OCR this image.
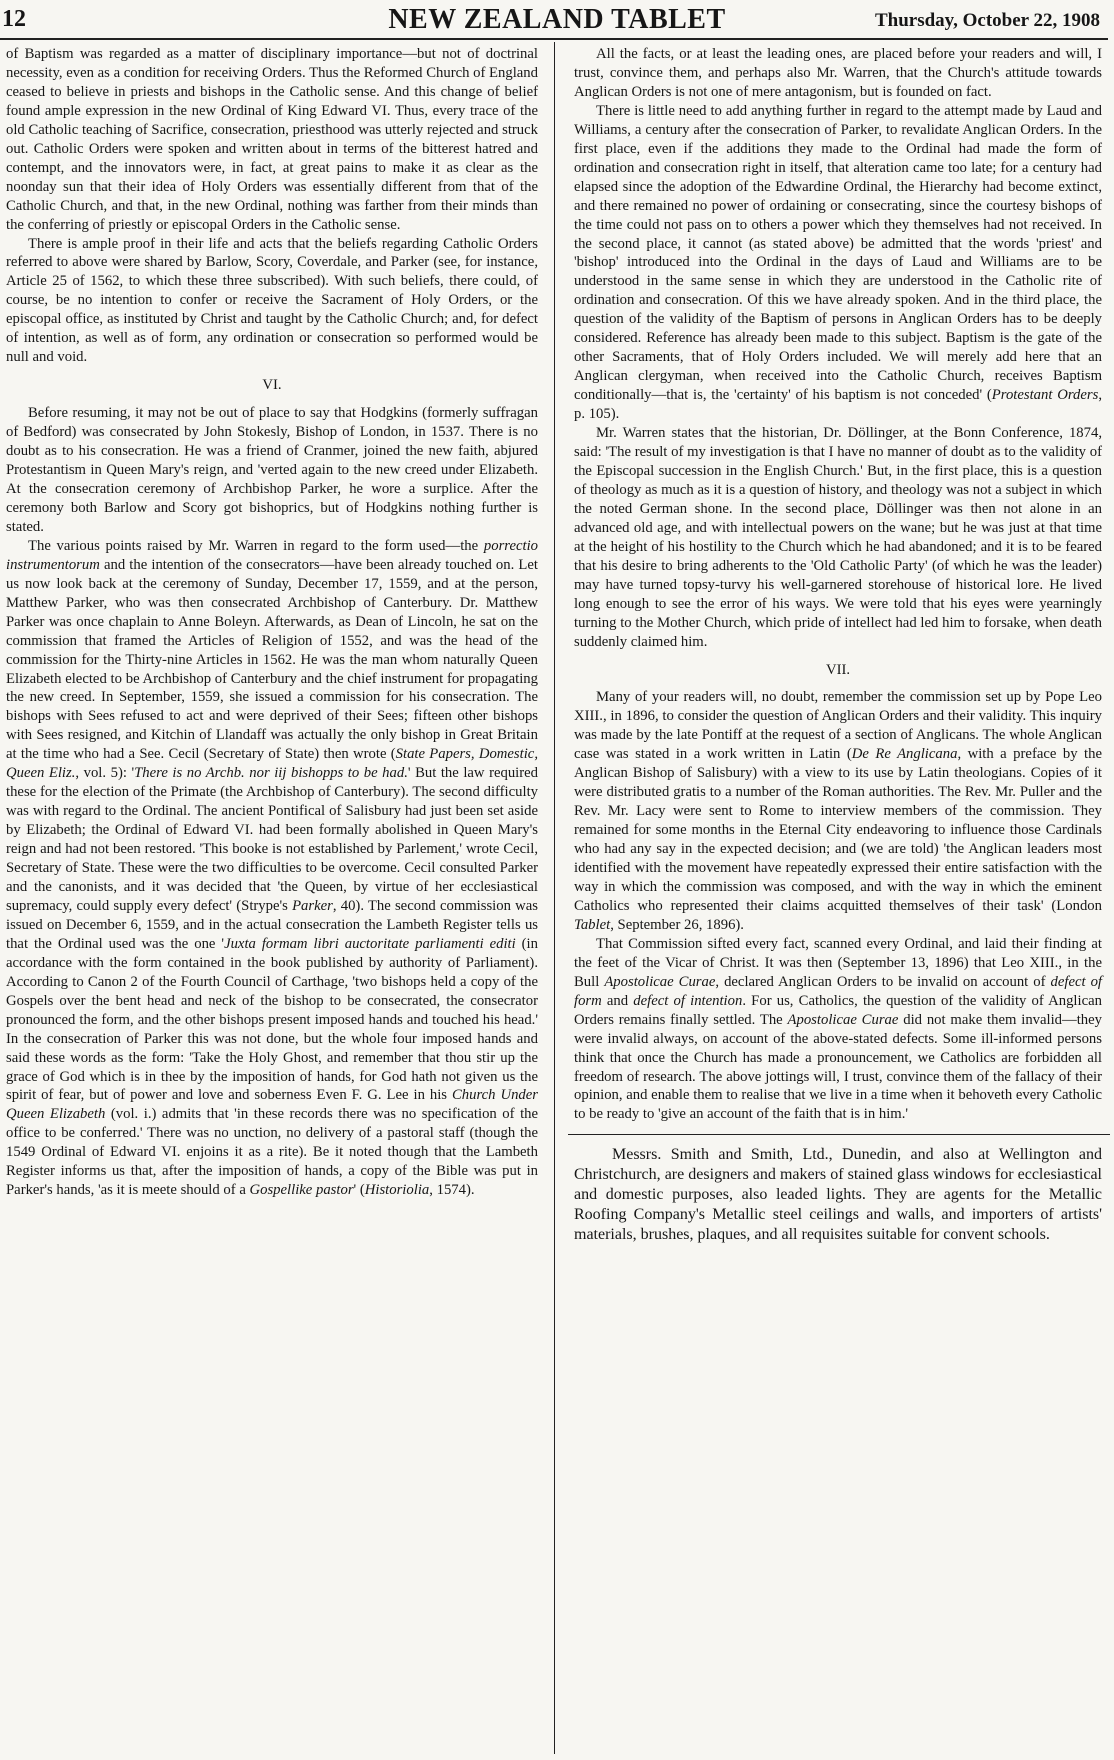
12	NEW ZEALAND TABLET	Thursday, October 22, 1908

of Baptism was regarded as a matter of disciplinary importance—but not of doctrinal necessity, even as a condition for receiving Orders. Thus the Reformed Church of England ceased to believe in priests and bishops in the Catholic sense. And this change of belief found ample expression in the new Ordinal of King Edward VI. Thus, every trace of the old Catholic teaching of Sacrifice, consecration, priesthood was utterly rejected and struck out. Catholic Orders were spoken and written about in terms of the bitterest hatred and contempt, and the innovators were, in fact, at great pains to make it as clear as the noonday sun that their idea of Holy Orders was essentially different from that of the Catholic Church, and that, in the new Ordinal, nothing was farther from their minds than the conferring of priestly or episcopal Orders in the Catholic sense.

There is ample proof in their life and acts that the beliefs regarding Catholic Orders referred to above were shared by Barlow, Scory, Coverdale, and Parker (see, for instance, Article 25 of 1562, to which these three subscribed). With such beliefs, there could, of course, be no intention to confer or receive the Sacrament of Holy Orders, or the episcopal office, as instituted by Christ and taught by the Catholic Church; and, for defect of intention, as well as of form, any ordination or consecration so performed would be null and void.

VI.

Before resuming, it may not be out of place to say that Hodgkins (formerly suffragan of Bedford) was consecrated by John Stokesly, Bishop of London, in 1537. There is no doubt as to his consecration. He was a friend of Cranmer, joined the new faith, abjured Protestantism in Queen Mary's reign, and 'verted again to the new creed under Elizabeth. At the consecration ceremony of Archbishop Parker, he wore a surplice. After the ceremony both Barlow and Scory got bishoprics, but of Hodgkins nothing further is stated.

The various points raised by Mr. Warren in regard to the form used—the porrectio instrumentorum and the intention of the consecrators—have been already touched on. Let us now look back at the ceremony of Sunday, December 17, 1559, and at the person, Matthew Parker, who was then consecrated Archbishop of Canterbury. Dr. Matthew Parker was once chaplain to Anne Boleyn. Afterwards, as Dean of Lincoln, he sat on the commission that framed the Articles of Religion of 1552, and was the head of the commission for the Thirty-nine Articles in 1562. He was the man whom naturally Queen Elizabeth elected to be Archbishop of Canterbury and the chief instrument for propagating the new creed. In September, 1559, she issued a commission for his consecration. The bishops with Sees refused to act and were deprived of their Sees; fifteen other bishops with Sees resigned, and Kitchin of Llandaff was actually the only bishop in Great Britain at the time who had a See. Cecil (Secretary of State) then wrote (State Papers, Domestic, Queen Eliz., vol. 5): 'There is no Archb. nor iij bishopps to be had.' But the law required these for the election of the Primate (the Archbishop of Canterbury). The second difficulty was with regard to the Ordinal. The ancient Pontifical of Salisbury had just been set aside by Elizabeth; the Ordinal of Edward VI. had been formally abolished in Queen Mary's reign and had not been restored. 'This booke is not established by Parlement,' wrote Cecil, Secretary of State. These were the two difficulties to be overcome. Cecil consulted Parker and the canonists, and it was decided that 'the Queen, by virtue of her ecclesiastical supremacy, could supply every defect' (Strype's Parker, 40). The second commission was issued on December 6, 1559, and in the actual consecration the Lambeth Register tells us that the Ordinal used was the one 'Juxta formam libri auctoritate parliamenti editi (in accordance with the form contained in the book published by authority of Parliament). According to Canon 2 of the Fourth Council of Carthage, 'two bishops held a copy of the Gospels over the bent head and neck of the bishop to be consecrated, the consecrator pronounced the form, and the other bishops present imposed hands and touched his head.' In the consecration of Parker this was not done, but the whole four imposed hands and said these words as the form: 'Take the Holy Ghost, and remember that thou stir up the grace of God which is in thee by the imposition of hands, for God hath not given us the spirit of fear, but of power and love and soberness Even F. G. Lee in his Church Under Queen Elizabeth (vol. i.) admits that 'in these records there was no specification of the office to be conferred.' There was no unction, no delivery of a pastoral staff (though the 1549 Ordinal of Edward VI. enjoins it as a rite). Be it noted though that the Lambeth Register informs us that, after the imposition of hands, a copy of the Bible was put in Parker's hands, 'as it is meete should of a Gospellike pastor' (Historiolia, 1574).

All the facts, or at least the leading ones, are placed before your readers and will, I trust, convince them, and perhaps also Mr. Warren, that the Church's attitude towards Anglican Orders is not one of mere antagonism, but is founded on fact.

There is little need to add anything further in regard to the attempt made by Laud and Williams, a century after the consecration of Parker, to revalidate Anglican Orders. In the first place, even if the additions they made to the Ordinal had made the form of ordination and consecration right in itself, that alteration came too late; for a century had elapsed since the adoption of the Edwardine Ordinal, the Hierarchy had become extinct, and there remained no power of ordaining or consecrating, since the courtesy bishops of the time could not pass on to others a power which they themselves had not received. In the second place, it cannot (as stated above) be admitted that the words 'priest' and 'bishop' introduced into the Ordinal in the days of Laud and Williams are to be understood in the same sense in which they are understood in the Catholic rite of ordination and consecration. Of this we have already spoken. And in the third place, the question of the validity of the Baptism of persons in Anglican Orders has to be deeply considered. Reference has already been made to this subject. Baptism is the gate of the other Sacraments, that of Holy Orders included. We will merely add here that an Anglican clergyman, when received into the Catholic Church, receives Baptism conditionally—that is, the 'certainty' of his baptism is not conceded' (Protestant Orders, p. 105).

Mr. Warren states that the historian, Dr. Döllinger, at the Bonn Conference, 1874, said: 'The result of my investigation is that I have no manner of doubt as to the validity of the Episcopal succession in the English Church.' But, in the first place, this is a question of theology as much as it is a question of history, and theology was not a subject in which the noted German shone. In the second place, Döllinger was then not alone in an advanced old age, and with intellectual powers on the wane; but he was just at that time at the height of his hostility to the Church which he had abandoned; and it is to be feared that his desire to bring adherents to the 'Old Catholic Party' (of which he was the leader) may have turned topsy-turvy his well-garnered storehouse of historical lore. He lived long enough to see the error of his ways. We were told that his eyes were yearningly turning to the Mother Church, which pride of intellect had led him to forsake, when death suddenly claimed him.

VII.

Many of your readers will, no doubt, remember the commission set up by Pope Leo XIII., in 1896, to consider the question of Anglican Orders and their validity. This inquiry was made by the late Pontiff at the request of a section of Anglicans. The whole Anglican case was stated in a work written in Latin (De Re Anglicana, with a preface by the Anglican Bishop of Salisbury) with a view to its use by Latin theologians. Copies of it were distributed gratis to a number of the Roman authorities. The Rev. Mr. Puller and the Rev. Mr. Lacy were sent to Rome to interview members of the commission. They remained for some months in the Eternal City endeavoring to influence those Cardinals who had any say in the expected decision; and (we are told) 'the Anglican leaders most identified with the movement have repeatedly expressed their entire satisfaction with the way in which the commission was composed, and with the way in which the eminent Catholics who represented their claims acquitted themselves of their task' (London Tablet, September 26, 1896).

That Commission sifted every fact, scanned every Ordinal, and laid their finding at the feet of the Vicar of Christ. It was then (September 13, 1896) that Leo XIII., in the Bull Apostolicae Curae, declared Anglican Orders to be invalid on account of defect of form and defect of intention. For us, Catholics, the question of the validity of Anglican Orders remains finally settled. The Apostolicae Curae did not make them invalid—they were invalid always, on account of the above-stated defects. Some ill-informed persons think that once the Church has made a pronouncement, we Catholics are forbidden all freedom of research. The above jottings will, I trust, convince them of the fallacy of their opinion, and enable them to realise that we live in a time when it behoveth every Catholic to be ready to 'give an account of the faith that is in him.'

Messrs. Smith and Smith, Ltd., Dunedin, and also at Wellington and Christchurch, are designers and makers of stained glass windows for ecclesiastical and domestic purposes, also leaded lights. They are agents for the Metallic Roofing Company's Metallic steel ceilings and walls, and importers of artists' materials, brushes, plaques, and all requisites suitable for convent schools.
